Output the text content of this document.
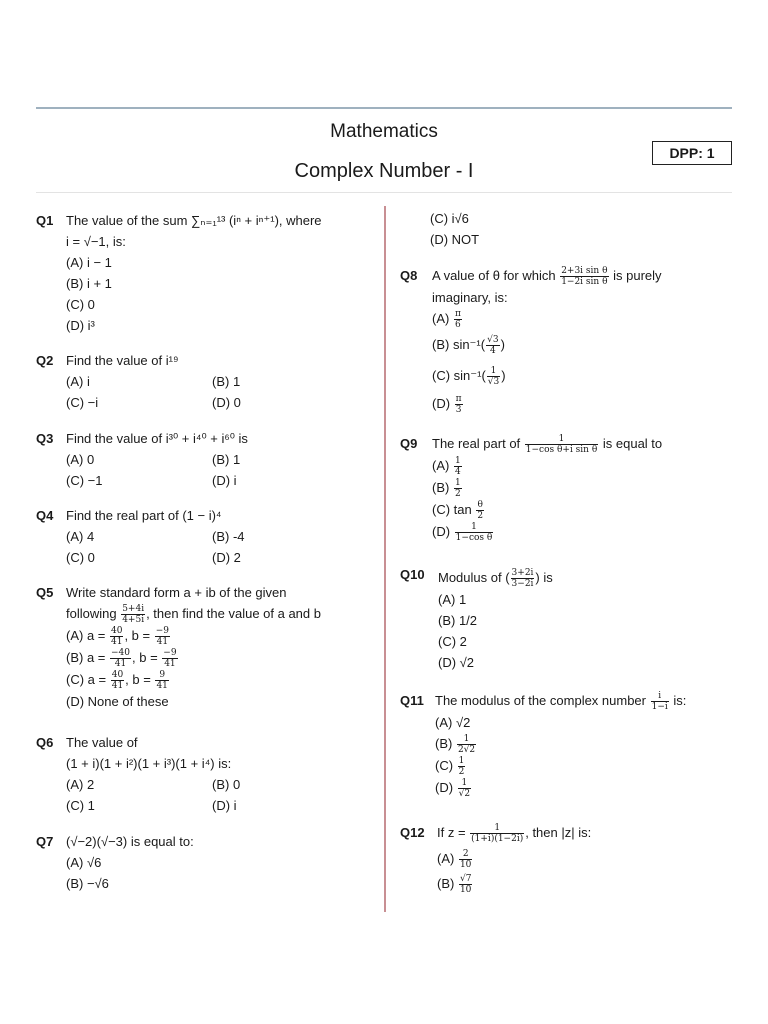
Mathematics
Complex Number - I
DPP: 1
Q1 The value of the sum ∑ₙ₌₁¹³ (iⁿ + iⁿ⁺¹), where
i = √−1, is:
(A) i − 1
(B) i + 1
(C) 0
(D) i³
Q2 Find the value of i¹⁹
(A) i	(B) 1
(C) −i	(D) 0
Q3 Find the value of i³⁰ + i⁴⁰ + i⁶⁰ is
(A) 0	(B) 1
(C) −1	(D) i
Q4 Find the real part of (1 − i)⁴
(A) 4	(B) -4
(C) 0	(D) 2
Q5 Write standard form a + ib of the given
following $\frac{5+4i}{4+5i}$ , then find the value of a and b
(A) $a = \frac{40}{41}$ , $b = \frac{-9}{41}$
(B) $a = \frac{-40}{41}$ , $b = \frac{-9}{41}$
(C) $a = \frac{40}{41}$ , $b = \frac{9}{41}$
(D) None of these
Q6 The value of
(1 + i)(1 + i²)(1 + i³)(1 + i⁴) is:
(A) 2	(B) 0
(C) 1	(D) i
Q7 (√−2)(√−3) is equal to:
(A) √6
(B) −√6
(C) i√6
(D) NOT
Q8 A value of θ for which $\frac{\text{2+3i sin θ}}{\text{1−2i sin θ}}$ is purely
imaginary, is:
$(A) \frac{\pi}{6}$
(B) $\sin^{-1}( \frac{√3}{4}$ )
(C) $\sin^{-1}( \frac{1}{√3}$ )
$(D) \frac{\pi}{3}$
Q9 The real part of $\frac{1}{\text{1−cos θ+i sin θ}}$ is equal to
$(A) \frac{1}{4}$
$(B) \frac{1}{2}$
(C) $\tan \frac{\theta}{2}$
$(D) \frac{1}{\text{1−cos θ}}$
Q10 Modulus of ( $\frac{3+2i}{3-2i}$ ) is
(A) 1
(B) 1/2
(C) 2
(D) √2
Q11 The modulus of the complex number $\frac{i}{1-i}$ is:
(A) √2
$(B) \frac{1}{2√2}$
$(C) \frac{1}{2}$
$(D) \frac{1}{√2}$
Q12 If $z = \frac{1}{(1+i)(1-2i)}$ , then |z| is:
$(A) \frac{2}{10}$
$(B) \frac{√7}{10}$
